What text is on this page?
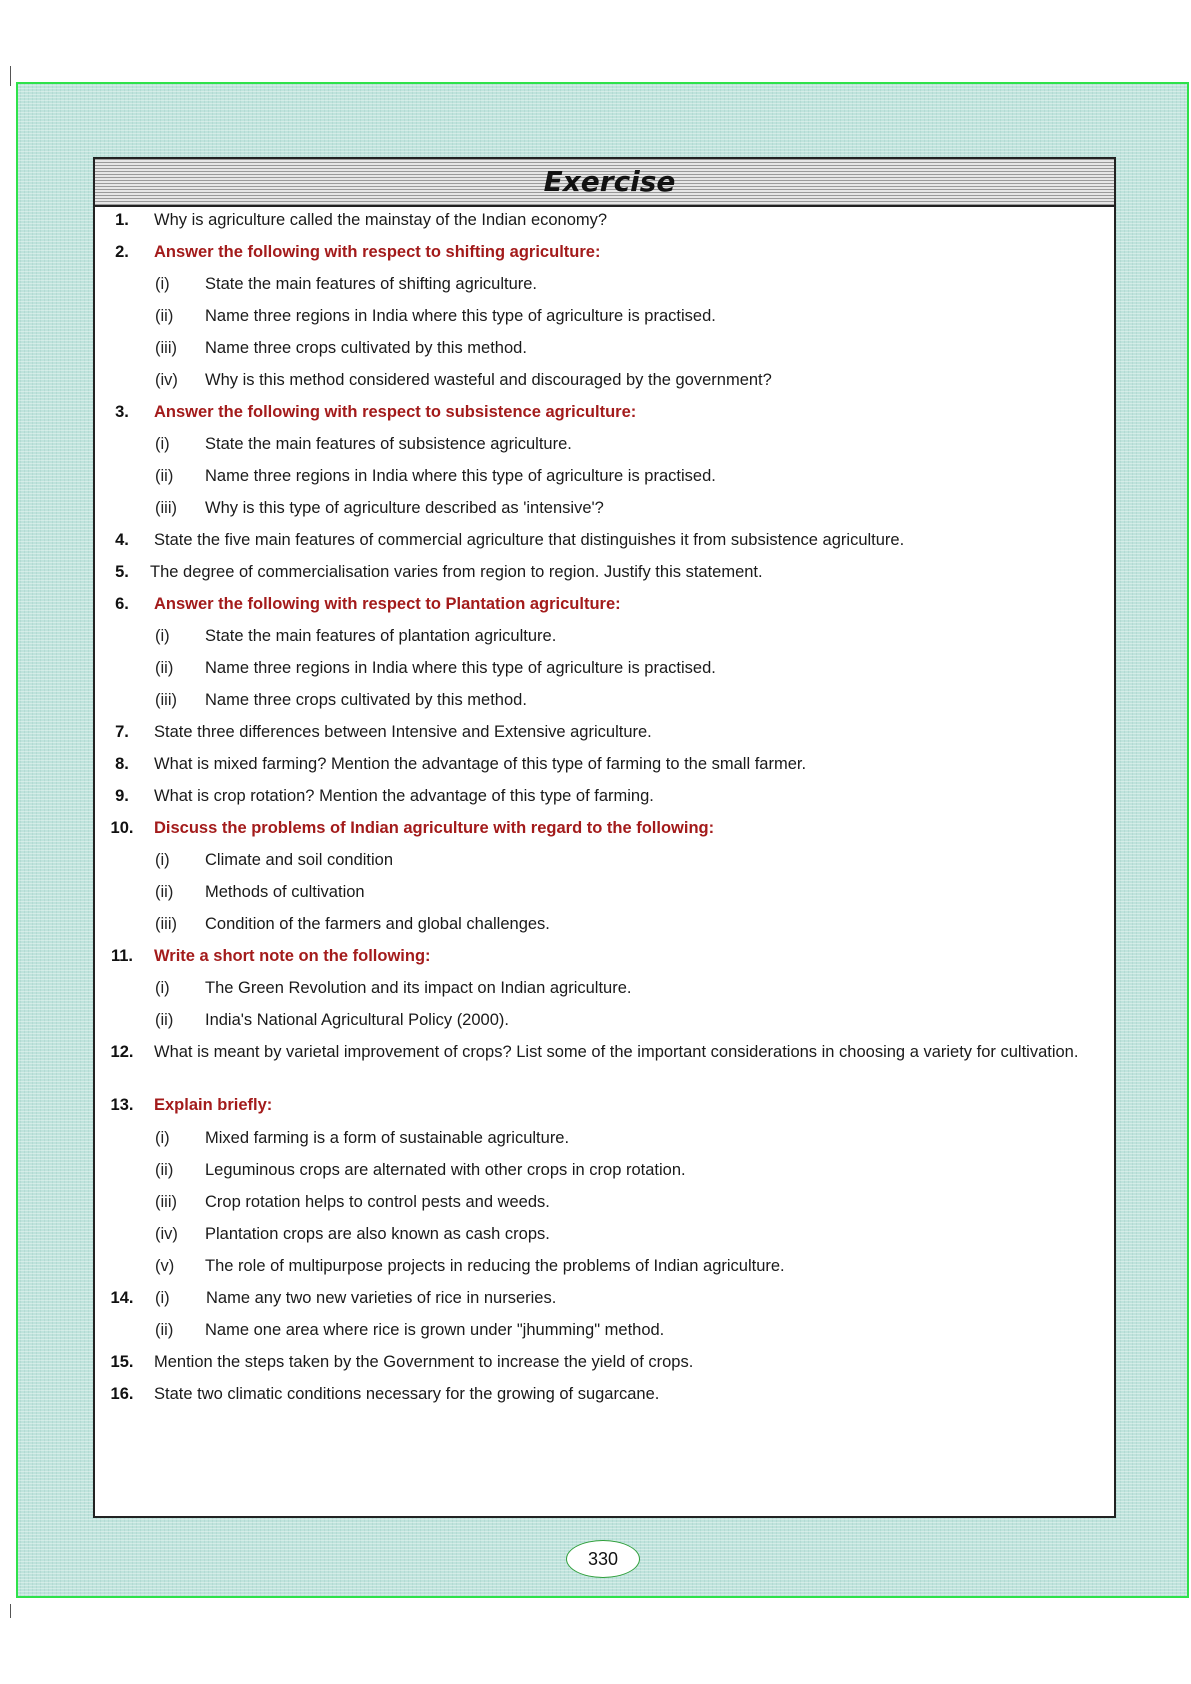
Exercise
1.	Why is agriculture called the mainstay of the Indian economy?
2.	Answer the following with respect to shifting agriculture:
(i) State the main features of shifting agriculture.
(ii) Name three regions in India where this type of agriculture is practised.
(iii) Name three crops cultivated by this method.
(iv) Why is this method considered wasteful and discouraged by the government?
3.	Answer the following with respect to subsistence agriculture:
(i) State the main features of subsistence agriculture.
(ii) Name three regions in India where this type of agriculture is practised.
(iii) Why is this type of agriculture described as 'intensive'?
4.	State the five main features of commercial agriculture that distinguishes it from subsistence agriculture.
5.	The degree of commercialisation varies from region to region. Justify this statement.
6.	Answer the following with respect to Plantation agriculture:
(i) State the main features of plantation agriculture.
(ii) Name three regions in India where this type of agriculture is practised.
(iii) Name three crops cultivated by this method.
7.	State three differences between Intensive and Extensive agriculture.
8.	What is mixed farming? Mention the advantage of this type of farming to the small farmer.
9.	What is crop rotation? Mention the advantage of this type of farming.
10.	Discuss the problems of Indian agriculture with regard to the following:
(i) Climate and soil condition
(ii) Methods of cultivation
(iii) Condition of the farmers and global challenges.
11.	Write a short note on the following:
(i) The Green Revolution and its impact on Indian agriculture.
(ii) India's National Agricultural Policy (2000).
12.	What is meant by varietal improvement of crops? List some of the important considerations in choosing a variety for cultivation.
13.	Explain briefly:
(i) Mixed farming is a form of sustainable agriculture.
(ii) Leguminous crops are alternated with other crops in crop rotation.
(iii) Crop rotation helps to control pests and weeds.
(iv) Plantation crops are also known as cash crops.
(v) The role of multipurpose projects in reducing the problems of Indian agriculture.
14.	(i) Name any two new varieties of rice in nurseries.
(ii) Name one area where rice is grown under "jhumming" method.
15.	Mention the steps taken by the Government to increase the yield of crops.
16.	State two climatic conditions necessary for the growing of sugarcane.
330
